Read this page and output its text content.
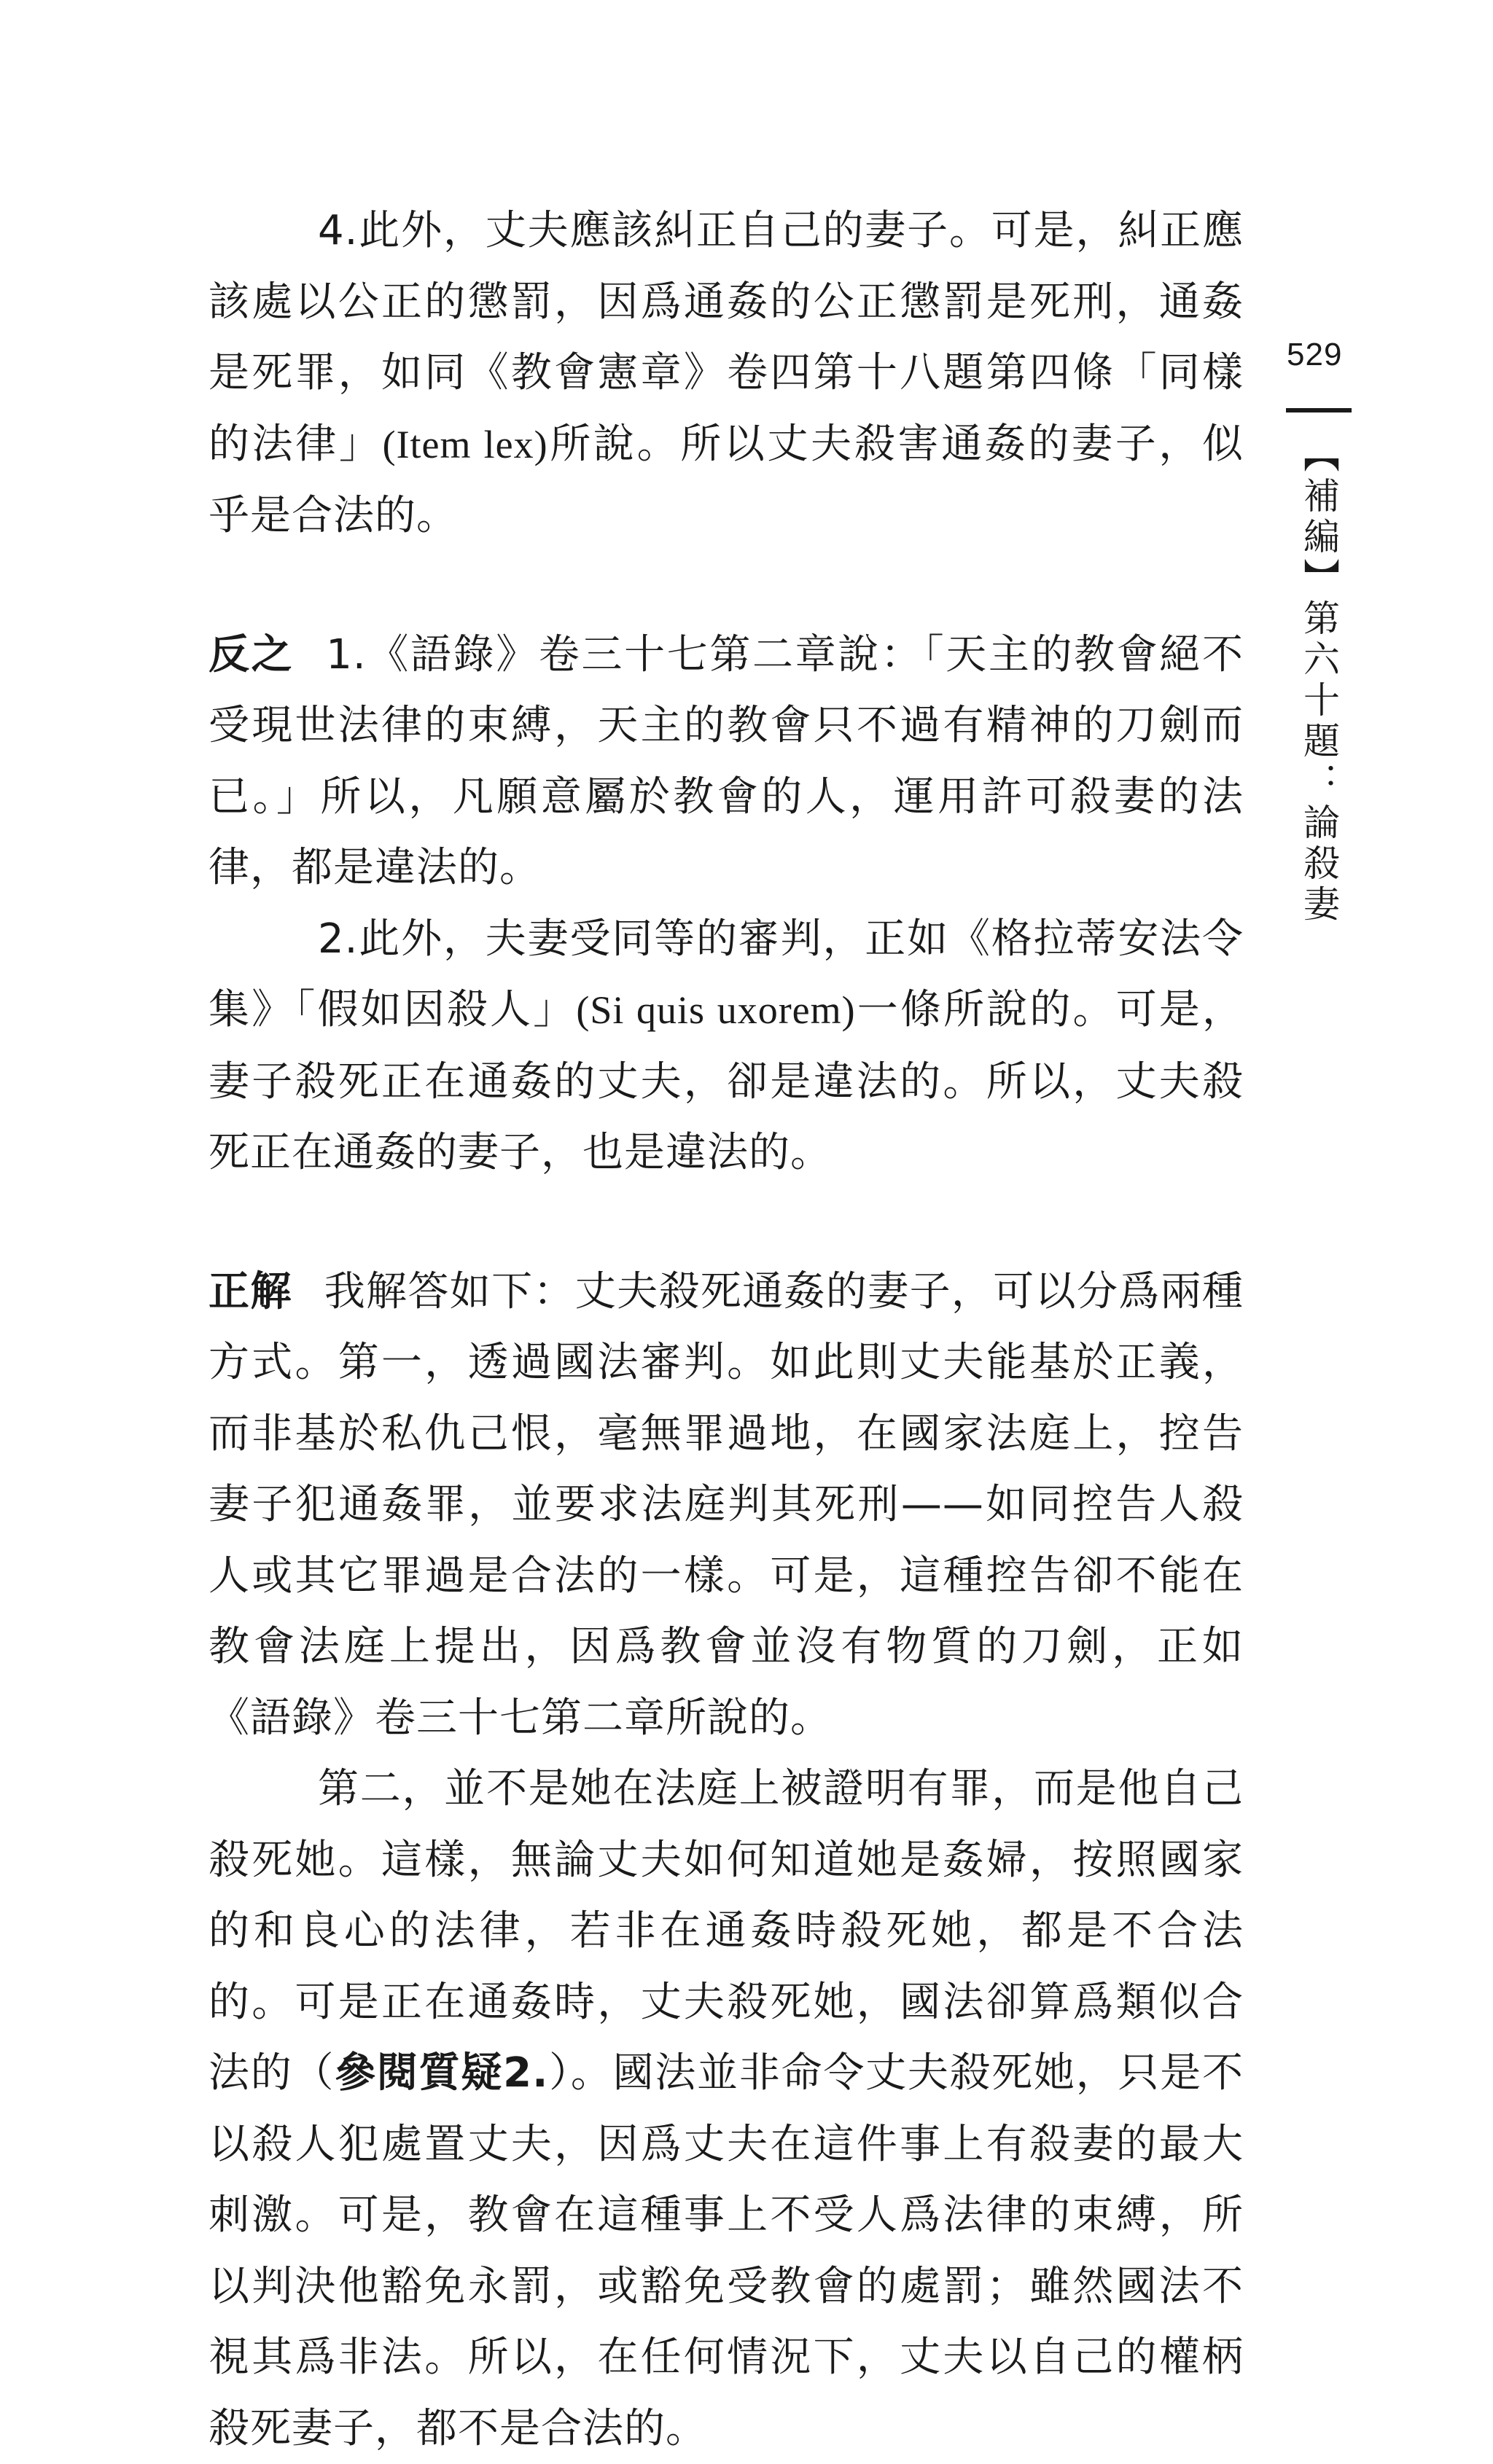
4.此外，丈夫應該糾正自己的妻子。可是，糾正應該處以公正的懲罰，因爲通姦的公正懲罰是死刑，通姦是死罪，如同《教會憲章》卷四第十八題第四條「同樣的法律」(Item lex)所說。所以丈夫殺害通姦的妻子，似乎是合法的。

反之 1.《語錄》卷三十七第二章說：「天主的教會絕不受現世法律的束縛，天主的教會只不過有精神的刀劍而已。」所以，凡願意屬於教會的人，運用許可殺妻的法律，都是違法的。

2.此外，夫妻受同等的審判，正如《格拉蒂安法令集》「假如因殺人」(Si quis uxorem)一條所說的。可是，妻子殺死正在通姦的丈夫，卻是違法的。所以，丈夫殺死正在通姦的妻子，也是違法的。

正解 我解答如下：丈夫殺死通姦的妻子，可以分爲兩種方式。第一，透過國法審判。如此則丈夫能基於正義，而非基於私仇己恨，毫無罪過地，在國家法庭上，控告妻子犯通姦罪，並要求法庭判其死刑——如同控告人殺人或其它罪過是合法的一樣。可是，這種控告卻不能在教會法庭上提出，因爲教會並沒有物質的刀劍，正如《語錄》卷三十七第二章所說的。

第二，並不是她在法庭上被證明有罪，而是他自己殺死她。這樣，無論丈夫如何知道她是姦婦，按照國家的和良心的法律，若非在通姦時殺死她，都是不合法的。可是正在通姦時，丈夫殺死她，國法卻算爲類似合法的（參閱質疑2.）。國法並非命令丈夫殺死她，只是不以殺人犯處置丈夫，因爲丈夫在這件事上有殺妻的最大刺激。可是，教會在這種事上不受人爲法律的束縛，所以判決他豁免永罰，或豁免受教會的處罰；雖然國法不視其爲非法。所以，在任何情況下，丈夫以自己的權柄殺死妻子，都不是合法的。

529
【補編】第六十題：論殺妻
